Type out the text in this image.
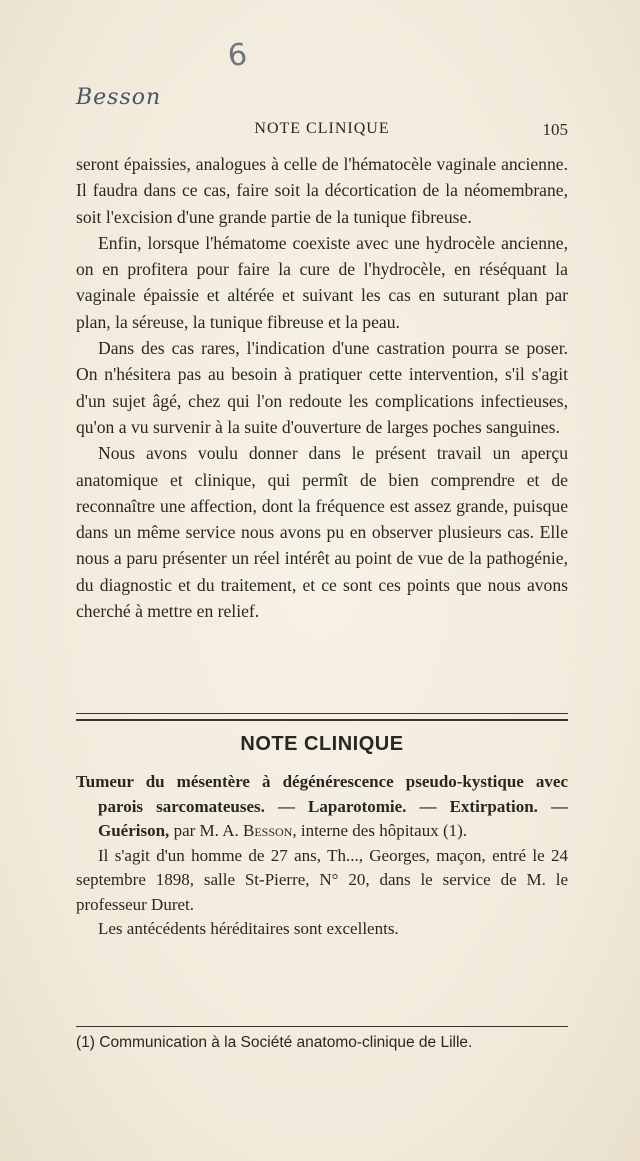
6
Besson
NOTE CLINIQUE	105

seront épaissies, analogues à celle de l'hématocèle vaginale ancienne. Il faudra dans ce cas, faire soit la décortication de la néomembrane, soit l'excision d'une grande partie de la tunique fibreuse.

Enfin, lorsque l'hématome coexiste avec une hydrocèle ancienne, on en profitera pour faire la cure de l'hydrocèle, en réséquant la vaginale épaissie et altérée et suivant les cas en suturant plan par plan, la séreuse, la tunique fibreuse et la peau.

Dans des cas rares, l'indication d'une castration pourra se poser. On n'hésitera pas au besoin à pratiquer cette intervention, s'il s'agit d'un sujet âgé, chez qui l'on redoute les complications infectieuses, qu'on a vu survenir à la suite d'ouverture de larges poches sanguines.

Nous avons voulu donner dans le présent travail un aperçu anatomique et clinique, qui permît de bien comprendre et de reconnaître une affection, dont la fréquence est assez grande, puisque dans un même service nous avons pu en observer plusieurs cas. Elle nous a paru présenter un réel intérêt au point de vue de la pathogénie, du diagnostic et du traitement, et ce sont ces points que nous avons cherché à mettre en relief.

NOTE CLINIQUE

Tumeur du mésentère à dégénérescence pseudo-kystique avec parois sarcomateuses. — Laparotomie. — Extirpation. — Guérison, par M. A. Besson, interne des hôpitaux (1).

Il s'agit d'un homme de 27 ans, Th..., Georges, maçon, entré le 24 septembre 1898, salle St-Pierre, N° 20, dans le service de M. le professeur Duret.

Les antécédents héréditaires sont excellents.

(1) Communication à la Société anatomo-clinique de Lille.
